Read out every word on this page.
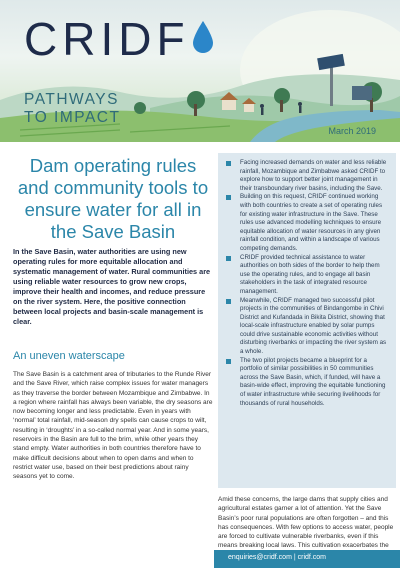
CRIDF
PATHWAYS
TO IMPACT
March 2019
Dam operating rules and community tools to ensure water for all in the Save Basin
In the Save Basin, water authorities are using new operating rules for more equitable allocation and systematic management of water. Rural communities are using reliable water resources to grow new crops, improve their health and incomes, and reduce pressure on the river system. Here, the positive connection between local projects and basin-scale management is clear.
An uneven waterscape

The Save Basin is a catchment area of tributaries to the Runde River and the Save River, which raise complex issues for water managers as they traverse the border between Mozambique and Zimbabwe. In a region where rainfall has always been variable, the dry seasons are now becoming longer and less predictable. Even in years with ‘normal’ total rainfall, mid-season dry spells can cause crops to wilt, resulting in ‘droughts’ in a so-called normal year. And in some years, reservoirs in the Basin are full to the brim, while other years they stand empty. Water authorities in both countries therefore have to make difficult decisions about when to open dams and when to restrict water use, based on their best predictions about rainy seasons yet to come.

Facing increased demands on water and less reliable rainfall, Mozambique and Zimbabwe asked CRIDF to explore how to support better joint management in their transboundary river basins, including the Save.
Building on this request, CRIDF continued working with both countries to create a set of operating rules for existing water infrastructure in the Save. These rules use advanced modelling techniques to ensure equitable allocation of water resources in any given rainfall condition, and within a landscape of various competing demands.
CRIDF provided technical assistance to water authorities on both sides of the border to help them use the operating rules, and to engage all basin stakeholders in the task of integrated resource management.
Meanwhile, CRIDF managed two successful pilot projects in the communities of Bindangombe in Chivi District and Kufandada in Bikita District, showing that local-scale infrastructure enabled by solar pumps could drive sustainable economic activities without disturbing riverbanks or impacting the river system as a whole.
The two pilot projects became a blueprint for a portfolio of similar possibilities in 50 communities across the Save Basin, which, if funded, will have a basin-wide effect, improving the equitable functioning of water infrastructure while securing livelihoods for thousands of rural households.
Amid these concerns, the large dams that supply cities and agricultural estates garner a lot of attention. Yet the Save Basin’s poor rural populations are often forgotten – and this has consequences. With few options to access water, people are forced to cultivate vulnerable riverbanks, even if this means breaking local laws. This cultivation exacerbates the
enquiries@cridf.com | cridf.com
